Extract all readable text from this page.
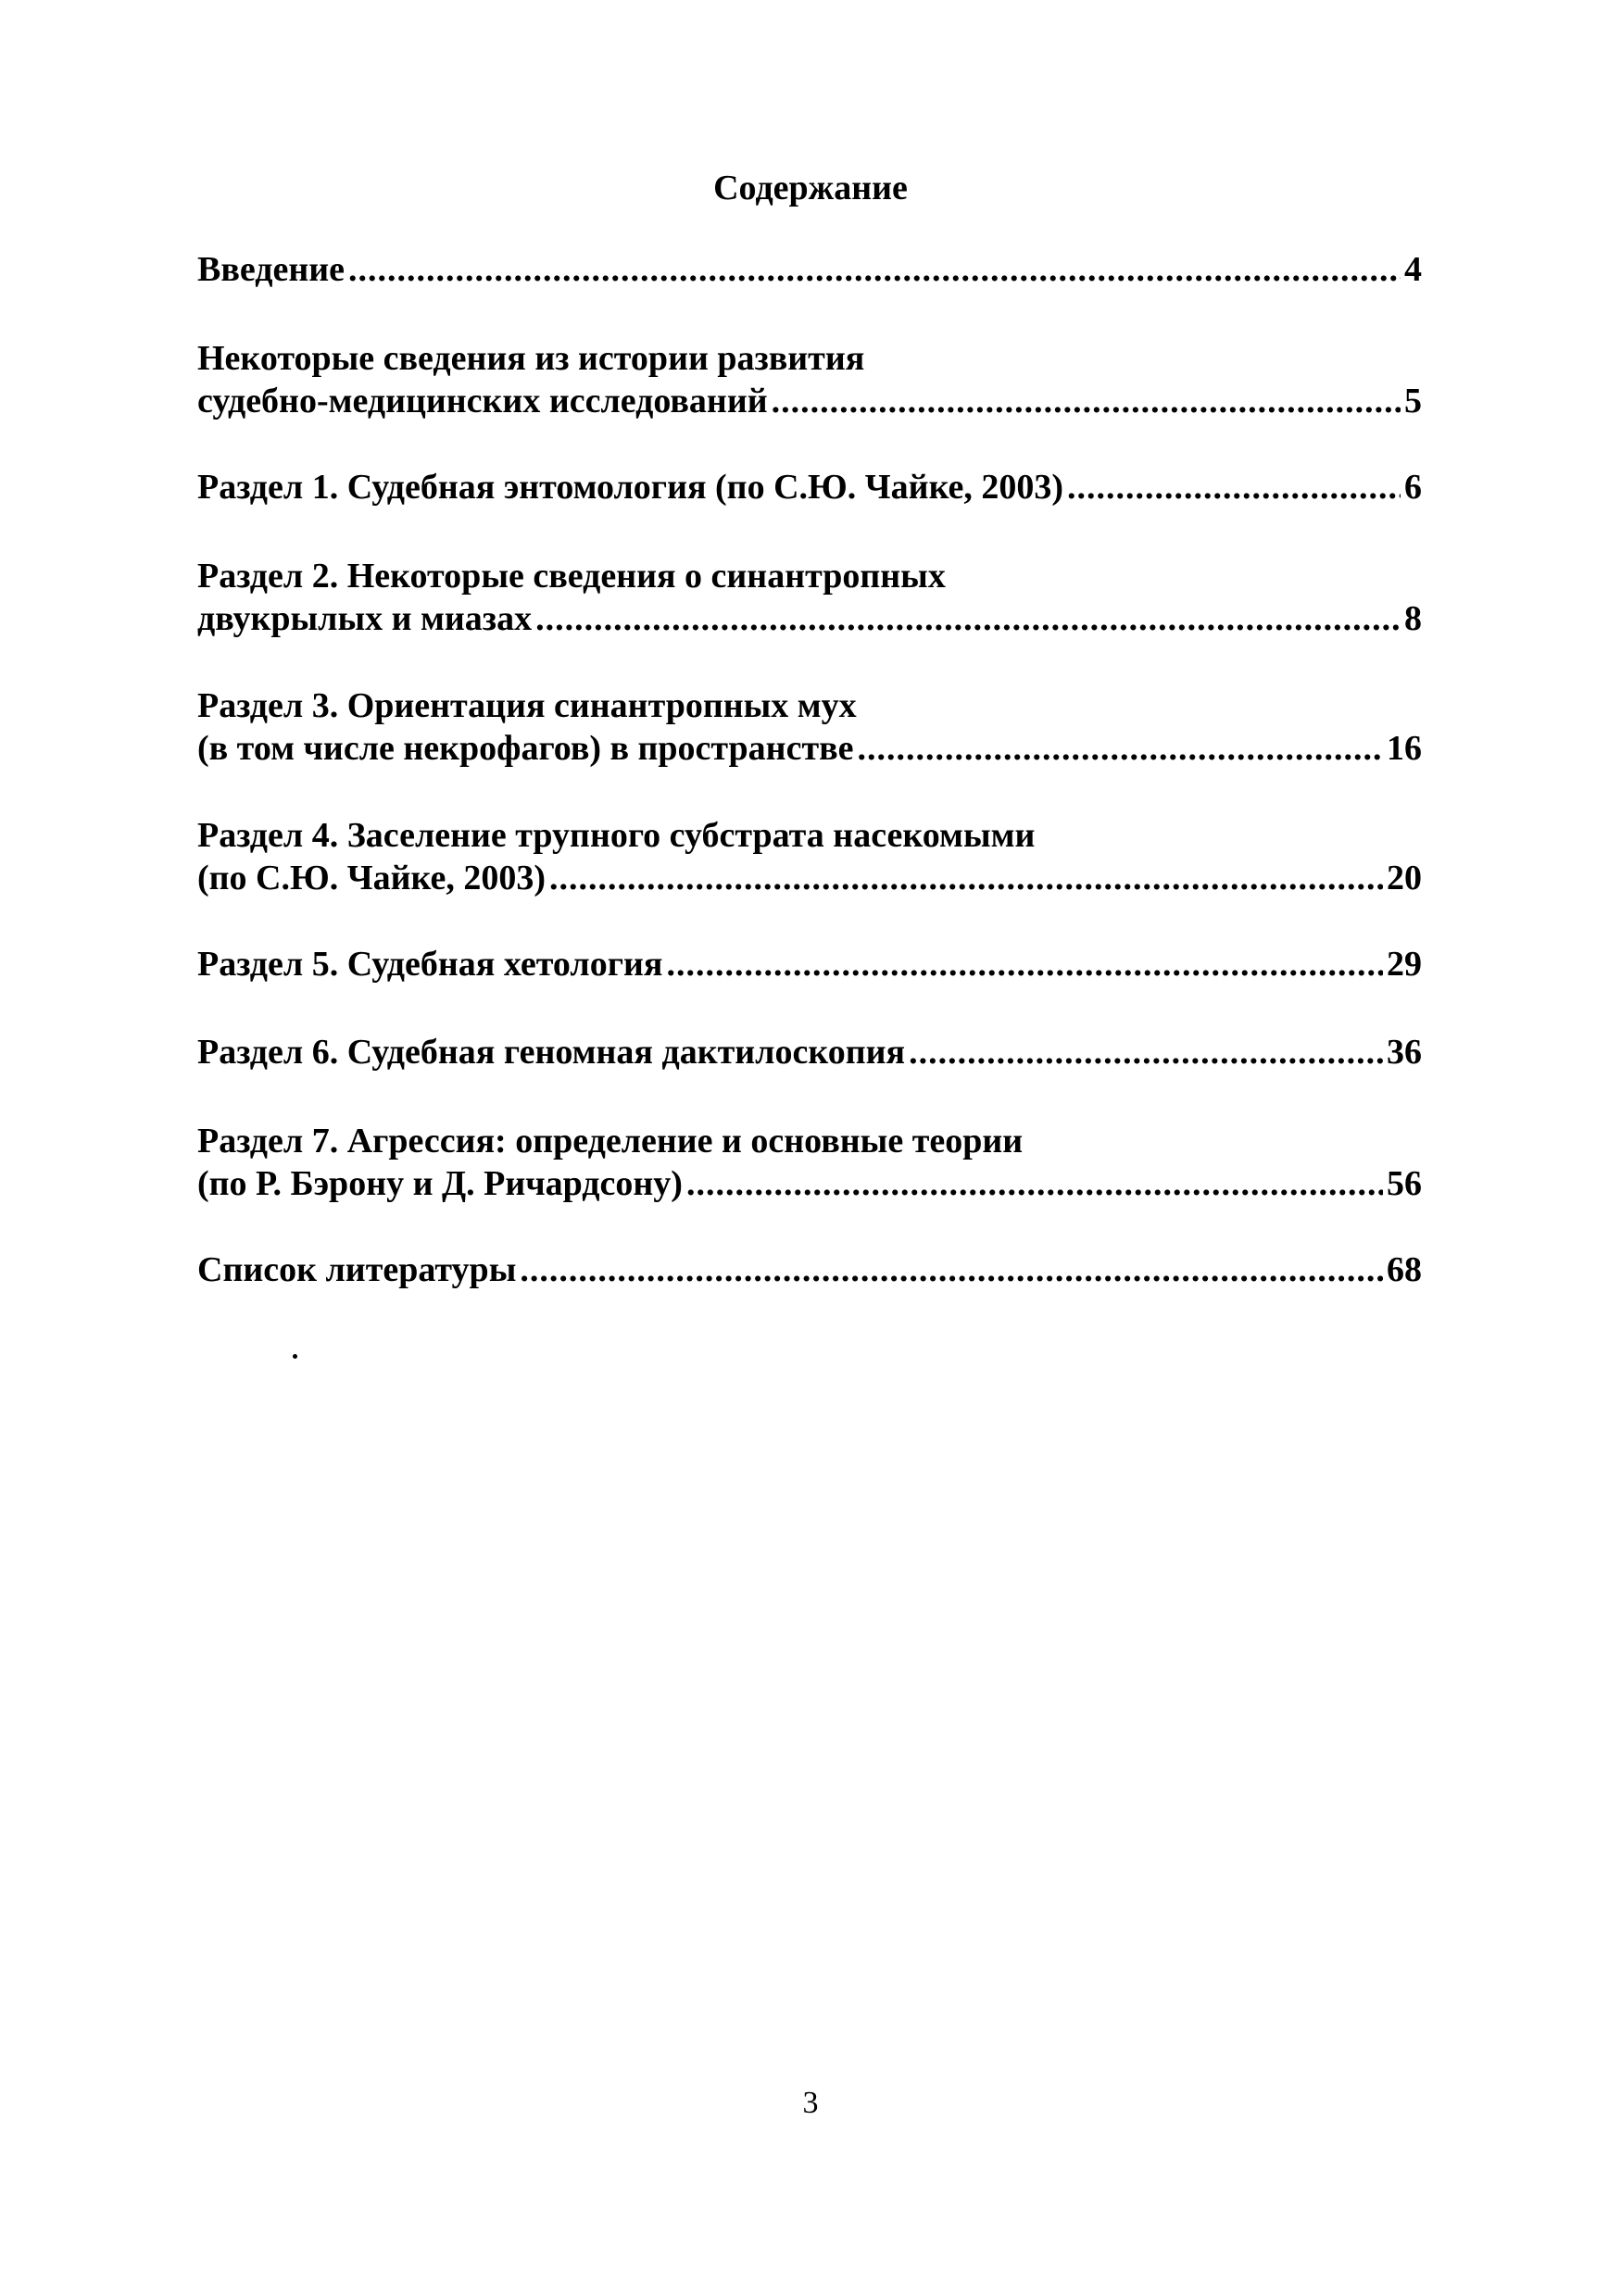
Содержание
Введение .....	4
Некоторые сведения из истории развития
судебно-медицинских исследований .....	5
Раздел 1. Судебная энтомология (по С.Ю. Чайке, 2003) .....	6
Раздел 2. Некоторые сведения о синантропных
двукрылых и миазах .....	8
Раздел 3. Ориентация синантропных мух
(в том числе некрофагов) в пространстве .....	16
Раздел 4. Заселение трупного субстрата насекомыми
(по С.Ю. Чайке, 2003) .....	20
Раздел 5. Судебная хетология .....	29
Раздел 6. Судебная геномная дактилоскопия .....	36
Раздел 7. Агрессия: определение и основные теории
(по Р. Бэрону и Д. Ричардсону) .....	56
Список литературы .....	68
3
